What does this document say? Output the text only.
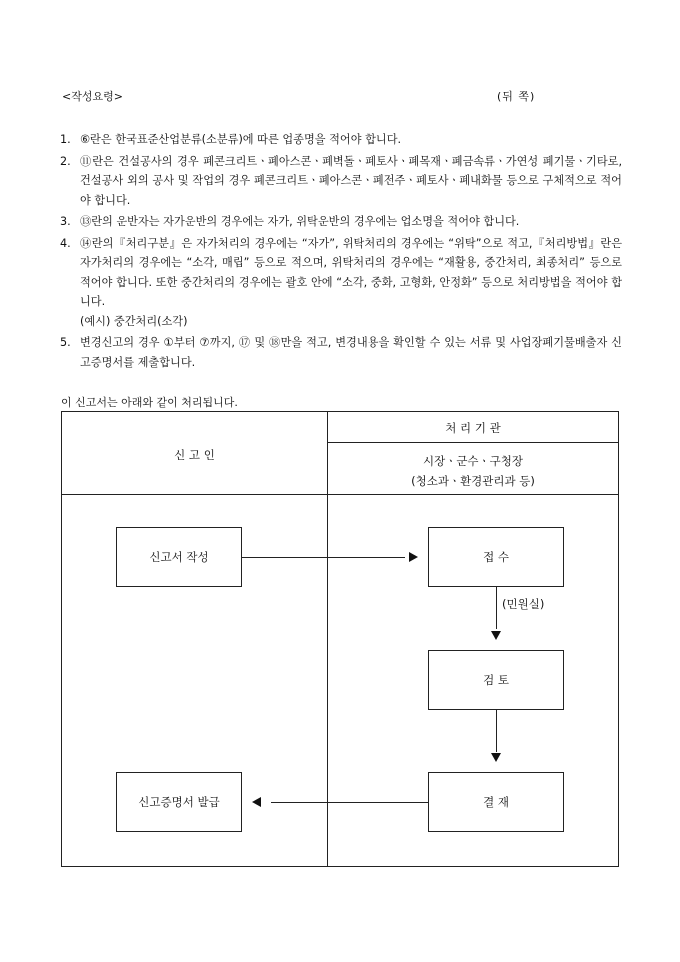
<작성요령>	(뒤 쪽)
1. ⑥란은 한국표준산업분류(소분류)에 따른 업종명을 적어야 합니다.
2. ⑪란은 건설공사의 경우 폐콘크리트ㆍ폐아스콘ㆍ폐벽돌ㆍ폐토사ㆍ폐목재ㆍ폐금속류ㆍ가연성 폐기물ㆍ기타로, 건설공사 외의 공사 및 작업의 경우 폐콘크리트ㆍ폐아스콘ㆍ폐전주ㆍ폐토사ㆍ폐내화물 등으로 구체적으로 적어야 합니다.
3. ⑬란의 운반자는 자가운반의 경우에는 자가, 위탁운반의 경우에는 업소명을 적어야 합니다.
4. ⑭란의『처리구분』은 자가처리의 경우에는 “자가”, 위탁처리의 경우에는 “위탁”으로 적고,『처리방법』란은 자가처리의 경우에는 “소각, 매립” 등으로 적으며, 위탁처리의 경우에는 “재활용, 중간처리, 최종처리” 등으로 적어야 합니다. 또한 중간처리의 경우에는 괄호 안에 “소각, 중화, 고형화, 안정화” 등으로 처리방법을 적어야 합니다.
(예시) 중간처리(소각)
5. 변경신고의 경우 ①부터 ⑦까지, ⑰ 및 ⑱만을 적고, 변경내용을 확인할 수 있는 서류 및 사업장폐기물배출자 신고증명서를 제출합니다.
이 신고서는 아래와 같이 처리됩니다.
신 고 인
처 리 기 관
시장ㆍ군수ㆍ구청장
(청소과ㆍ환경관리과 등)
신고서 작성	접 수
검 토
결 재
신고증명서 발급
(민원실)
